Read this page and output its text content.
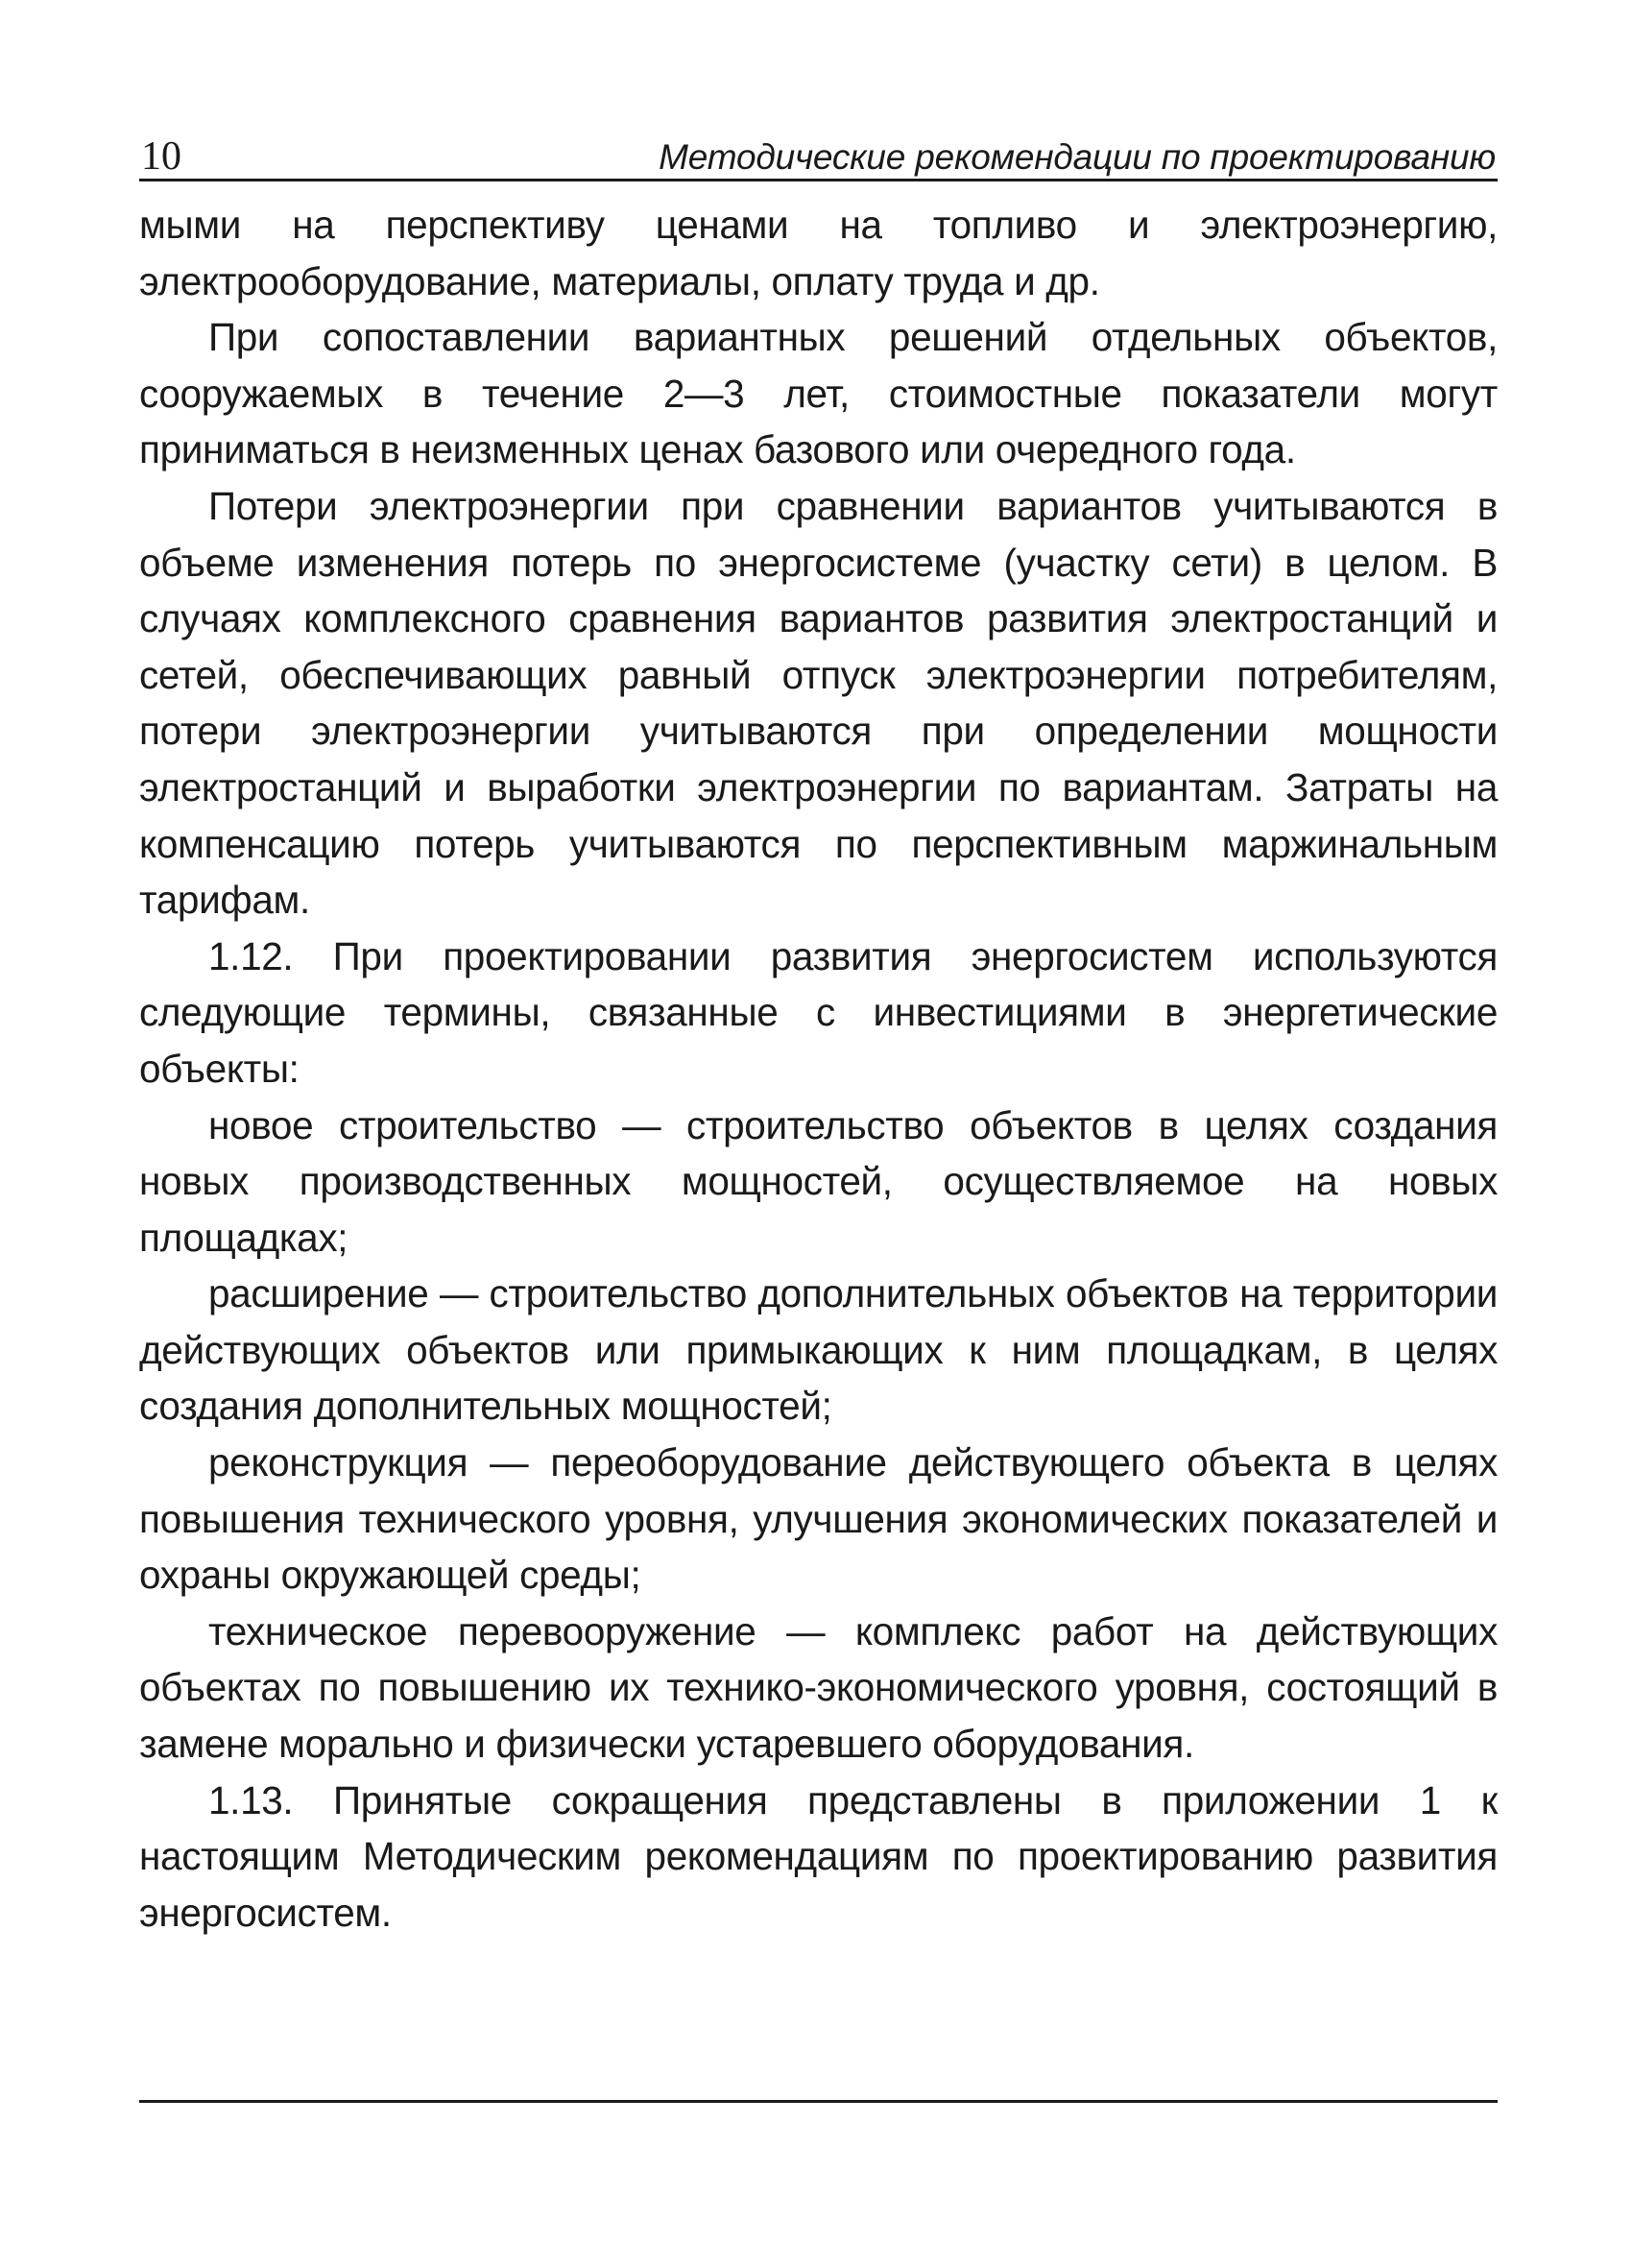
10	Методические рекомендации по проектированию

мыми на перспективу ценами на топливо и электроэнергию, электрооборудование, материалы, оплату труда и др.

При сопоставлении вариантных решений отдельных объектов, сооружаемых в течение 2—3 лет, стоимостные показатели могут приниматься в неизменных ценах базового или очередного года.

Потери электроэнергии при сравнении вариантов учитываются в объеме изменения потерь по энергосистеме (участку сети) в целом. В случаях комплексного сравнения вариантов развития электростанций и сетей, обеспечивающих равный отпуск электроэнергии потребителям, потери электроэнергии учитываются при определении мощности электростанций и выработки электроэнергии по вариантам. Затраты на компенсацию потерь учитываются по перспективным маржинальным тарифам.

1.12. При проектировании развития энергосистем используются следующие термины, связанные с инвестициями в энергетические объекты:

новое строительство — строительство объектов в целях создания новых производственных мощностей, осуществляемое на новых площадках;

расширение — строительство дополнительных объектов на территории действующих объектов или примыкающих к ним площадкам, в целях создания дополнительных мощностей;

реконструкция — переоборудование действующего объекта в целях повышения технического уровня, улучшения экономических показателей и охраны окружающей среды;

техническое перевооружение — комплекс работ на действующих объектах по повышению их технико-экономического уровня, состоящий в замене морально и физически устаревшего оборудования.

1.13. Принятые сокращения представлены в приложении 1 к настоящим Методическим рекомендациям по проектированию развития энергосистем.
